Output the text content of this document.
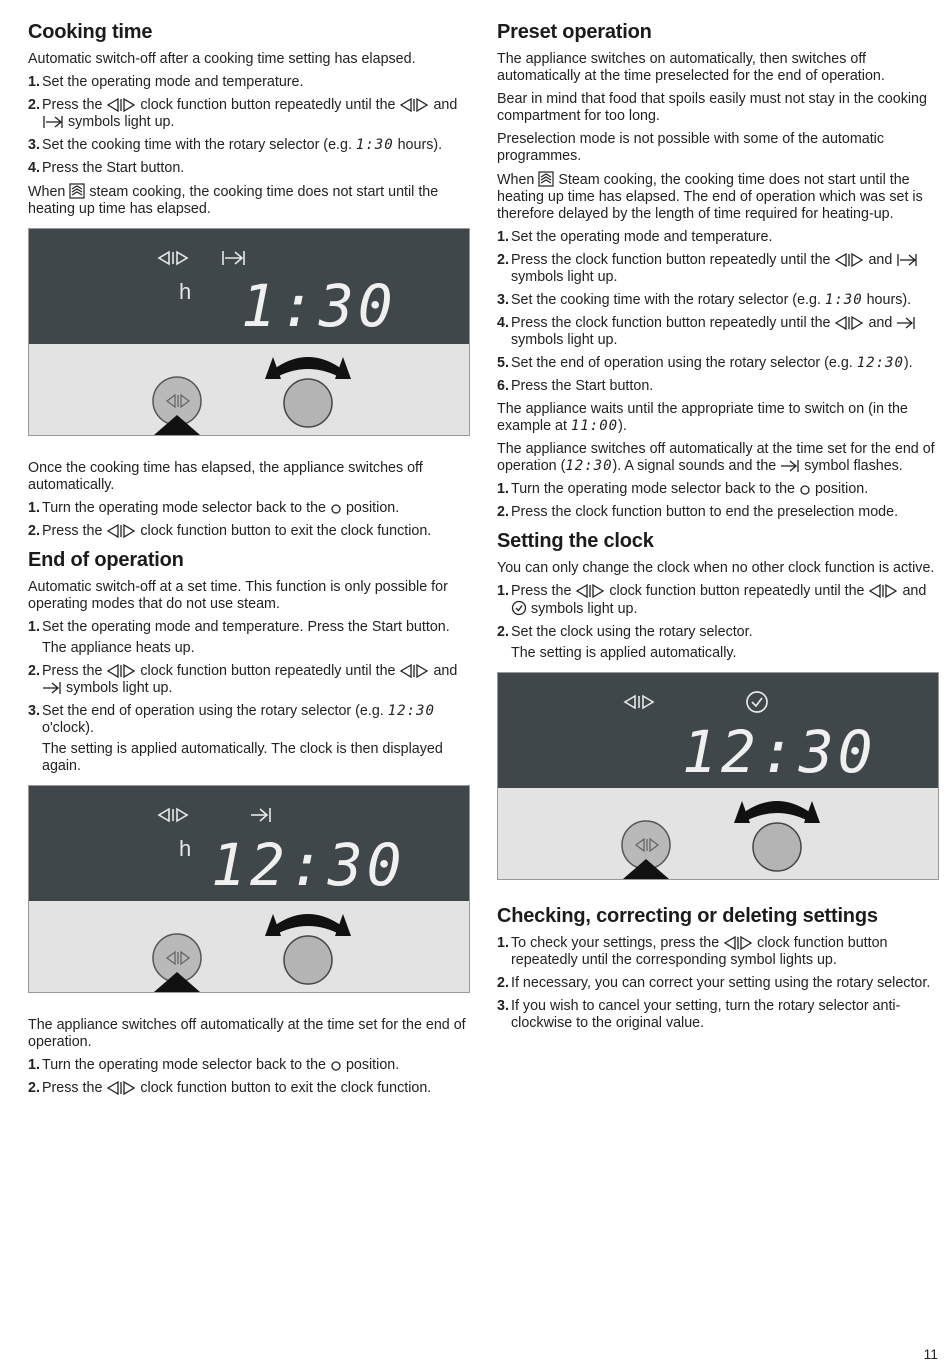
Cooking time

Automatic switch-off after a cooking time setting has elapsed.

1. Set the operating mode and temperature.
2. Press the	clock function button repeatedly until the	and  symbols light up.
3. Set the cooking time with the rotary selector (e.g. 1:30 hours).
4. Press the Start button.

When steam cooking, the cooking time does not start until the heating up time has elapsed.

h 1:30

Once the cooking time has elapsed, the appliance switches off automatically.

1. Turn the operating mode selector back to the position.
2. Press the	clock function button to exit the clock function.
End of operation

Automatic switch-off at a set time. This function is only possible for operating modes that do not use steam.

1. Set the operating mode and temperature. Press the Start button.
The appliance heats up.
2. Press the	clock function button repeatedly until the	and  symbols light up.
3. Set the end of operation using the rotary selector (e.g. 12:30 o'clock).
The setting is applied automatically. The clock is then displayed again.
h 12:30

The appliance switches off automatically at the time set for the end of operation.

1. Turn the operating mode selector back to the position.
2. Press the	clock function button to exit the clock function.
Preset operation

The appliance switches on automatically, then switches off automatically at the time preselected for the end of operation.

Bear in mind that food that spoils easily must not stay in the cooking compartment for too long.

Preselection mode is not possible with some of the automatic programmes.

When Steam cooking, the cooking time does not start until the heating up time has elapsed. The end of operation which was set is therefore delayed by the length of time required for heating-up.

1. Set the operating mode and temperature.
2. Press the clock function button repeatedly until the	and  symbols light up.
3. Set the cooking time with the rotary selector (e.g. 1:30 hours).
4. Press the clock function button repeatedly until the	and  symbols light up.
5. Set the end of operation using the rotary selector (e.g. 12:30).
6. Press the Start button.

The appliance waits until the appropriate time to switch on (in the example at 11:00).

The appliance switches off automatically at the time set for the end of operation (12:30). A signal sounds and the symbol flashes.

1. Turn the operating mode selector back to the position.
2. Press the clock function button to end the preselection mode.
Setting the clock

You can only change the clock when no other clock function is active.

1. Press the	clock function button repeatedly until the	and  symbols light up.
2. Set the clock using the rotary selector.
The setting is applied automatically.
12:30
Checking, correcting or deleting settings
1. To check your settings, press the	clock function button repeatedly until the corresponding symbol lights up.
2. If necessary, you can correct your setting using the rotary selector.
3. If you wish to cancel your setting, turn the rotary selector anti-clockwise to the original value.
11
